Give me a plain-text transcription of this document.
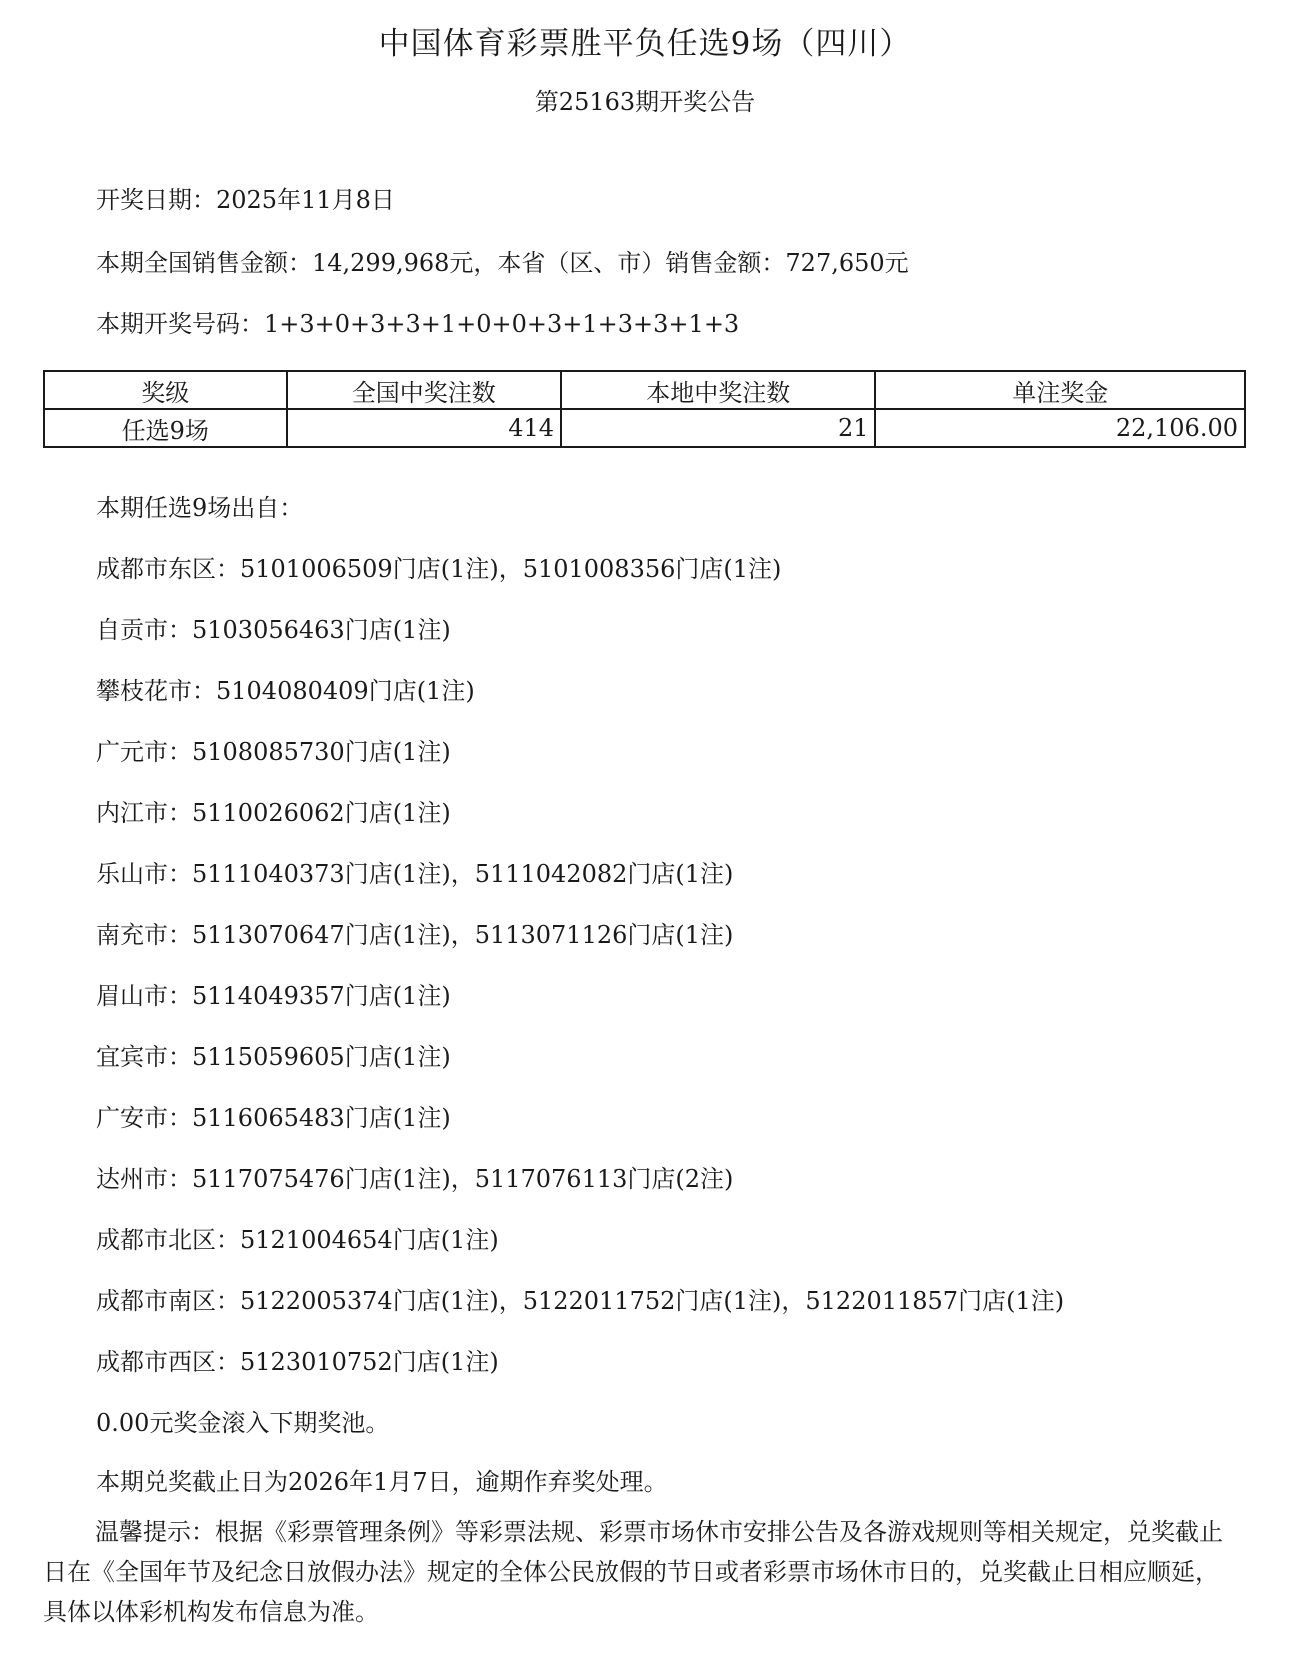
中国体育彩票胜平负任选9场（四川）
第25163期开奖公告
开奖日期：2025年11月8日
本期全国销售金额：14,299,968元，本省（区、市）销售金额：727,650元
本期开奖号码：1+3+0+3+3+1+0+0+3+1+3+3+1+3
奖级	全国中奖注数	本地中奖注数	单注奖金
任选9场	414	21	22,106.00
本期任选9场出自：
成都市东区：5101006509门店(1注)，5101008356门店(1注)
自贡市：5103056463门店(1注)
攀枝花市：5104080409门店(1注)
广元市：5108085730门店(1注)
内江市：5110026062门店(1注)
乐山市：5111040373门店(1注)，5111042082门店(1注)
南充市：5113070647门店(1注)，5113071126门店(1注)
眉山市：5114049357门店(1注)
宜宾市：5115059605门店(1注)
广安市：5116065483门店(1注)
达州市：5117075476门店(1注)，5117076113门店(2注)
成都市北区：5121004654门店(1注)
成都市南区：5122005374门店(1注)，5122011752门店(1注)，5122011857门店(1注)
成都市西区：5123010752门店(1注)
0.00元奖金滚入下期奖池。
本期兑奖截止日为2026年1月7日，逾期作弃奖处理。
温馨提示：根据《彩票管理条例》等彩票法规、彩票市场休市安排公告及各游戏规则等相关规定，兑奖截止日在《全国年节及纪念日放假办法》规定的全体公民放假的节日或者彩票市场休市日的，兑奖截止日相应顺延，具体以体彩机构发布信息为准。
